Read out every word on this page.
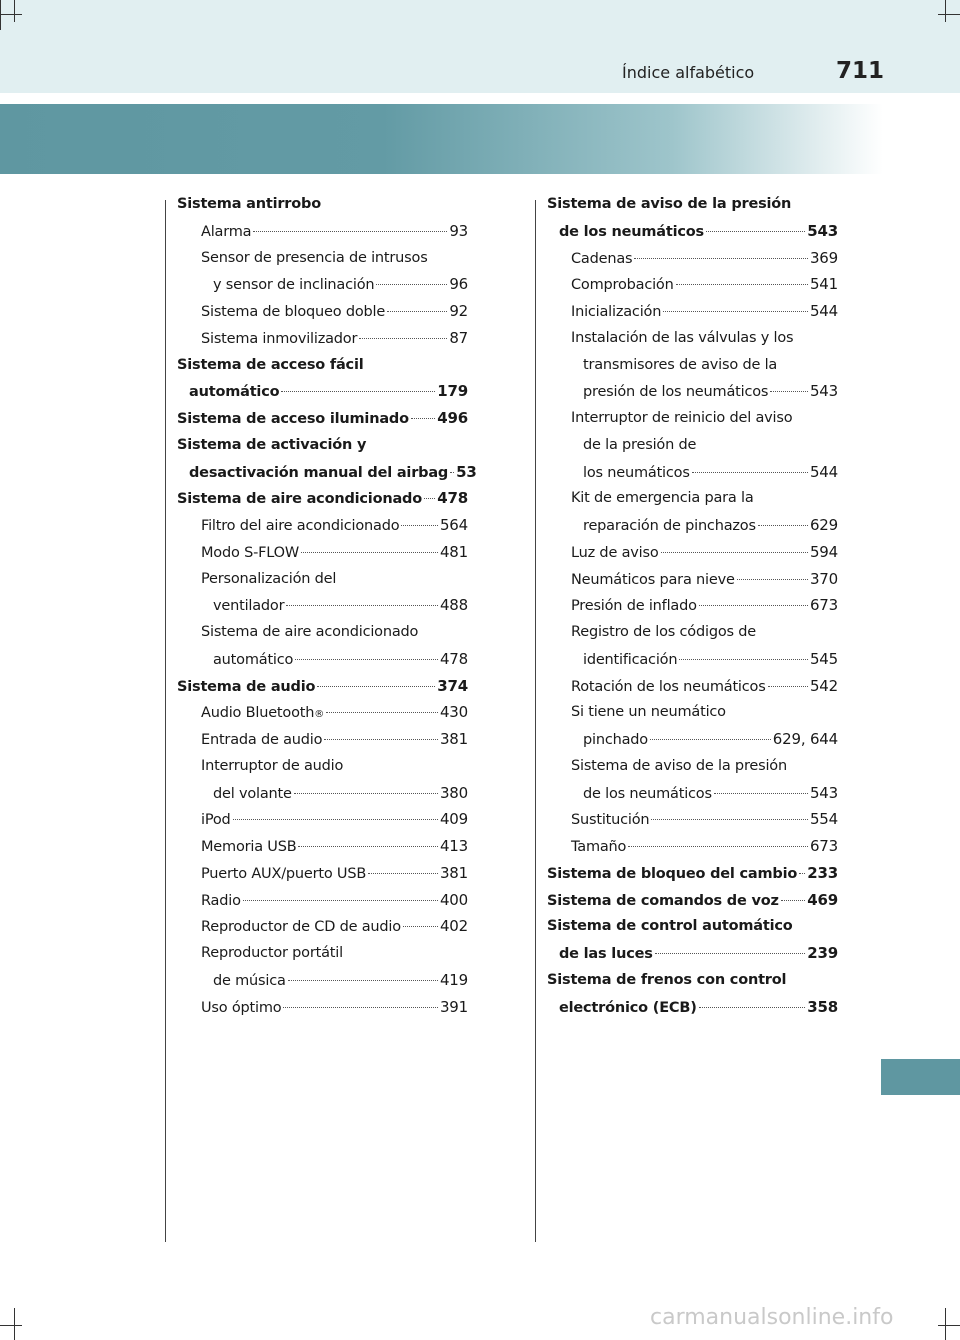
Índice alfabético	711
Sistema antirrobo
Alarma	93
Sensor de presencia de intrusos
y sensor de inclinación	96
Sistema de bloqueo doble	92
Sistema inmovilizador	87
Sistema de acceso fácil
automático	179
Sistema de acceso iluminado 496
Sistema de activación y
desactivación manual del airbag 53
Sistema de aire acondicionado 478
Filtro del aire acondicionado	564
Modo S-FLOW	481
Personalización del
ventilador	488
Sistema de aire acondicionado
automático	478
Sistema de audio	374
Audio Bluetooth ®	430
Entrada de audio	381
Interruptor de audio
del volante	380
iPod	409
Memoria USB	413
Puerto AUX/puerto USB	381
Radio	400
Reproductor de CD de audio	402
Reproductor portátil
de música	419
Uso óptimo	391
Sistema de aviso de la presión
de los neumáticos	543
Cadenas	369
Comprobación	541
Inicialización	544
Instalación de las válvulas y los
transmisores de aviso de la
presión de los neumáticos	543
Interruptor de reinicio del aviso
de la presión de
los neumáticos	544
Kit de emergencia para la
reparación de pinchazos	629
Luz de aviso	594
Neumáticos para nieve	370
Presión de inflado	673
Registro de los códigos de
identificación	545
Rotación de los neumáticos	542
Si tiene un neumático
pinchado	629, 644
Sistema de aviso de la presión
de los neumáticos	543
Sustitución	554
Tamaño	673
Sistema de bloqueo del cambio 233
Sistema de comandos de voz 469
Sistema de control automático
de las luces	239
Sistema de frenos con control
electrónico (ECB)	358
carmanualsonline.info
